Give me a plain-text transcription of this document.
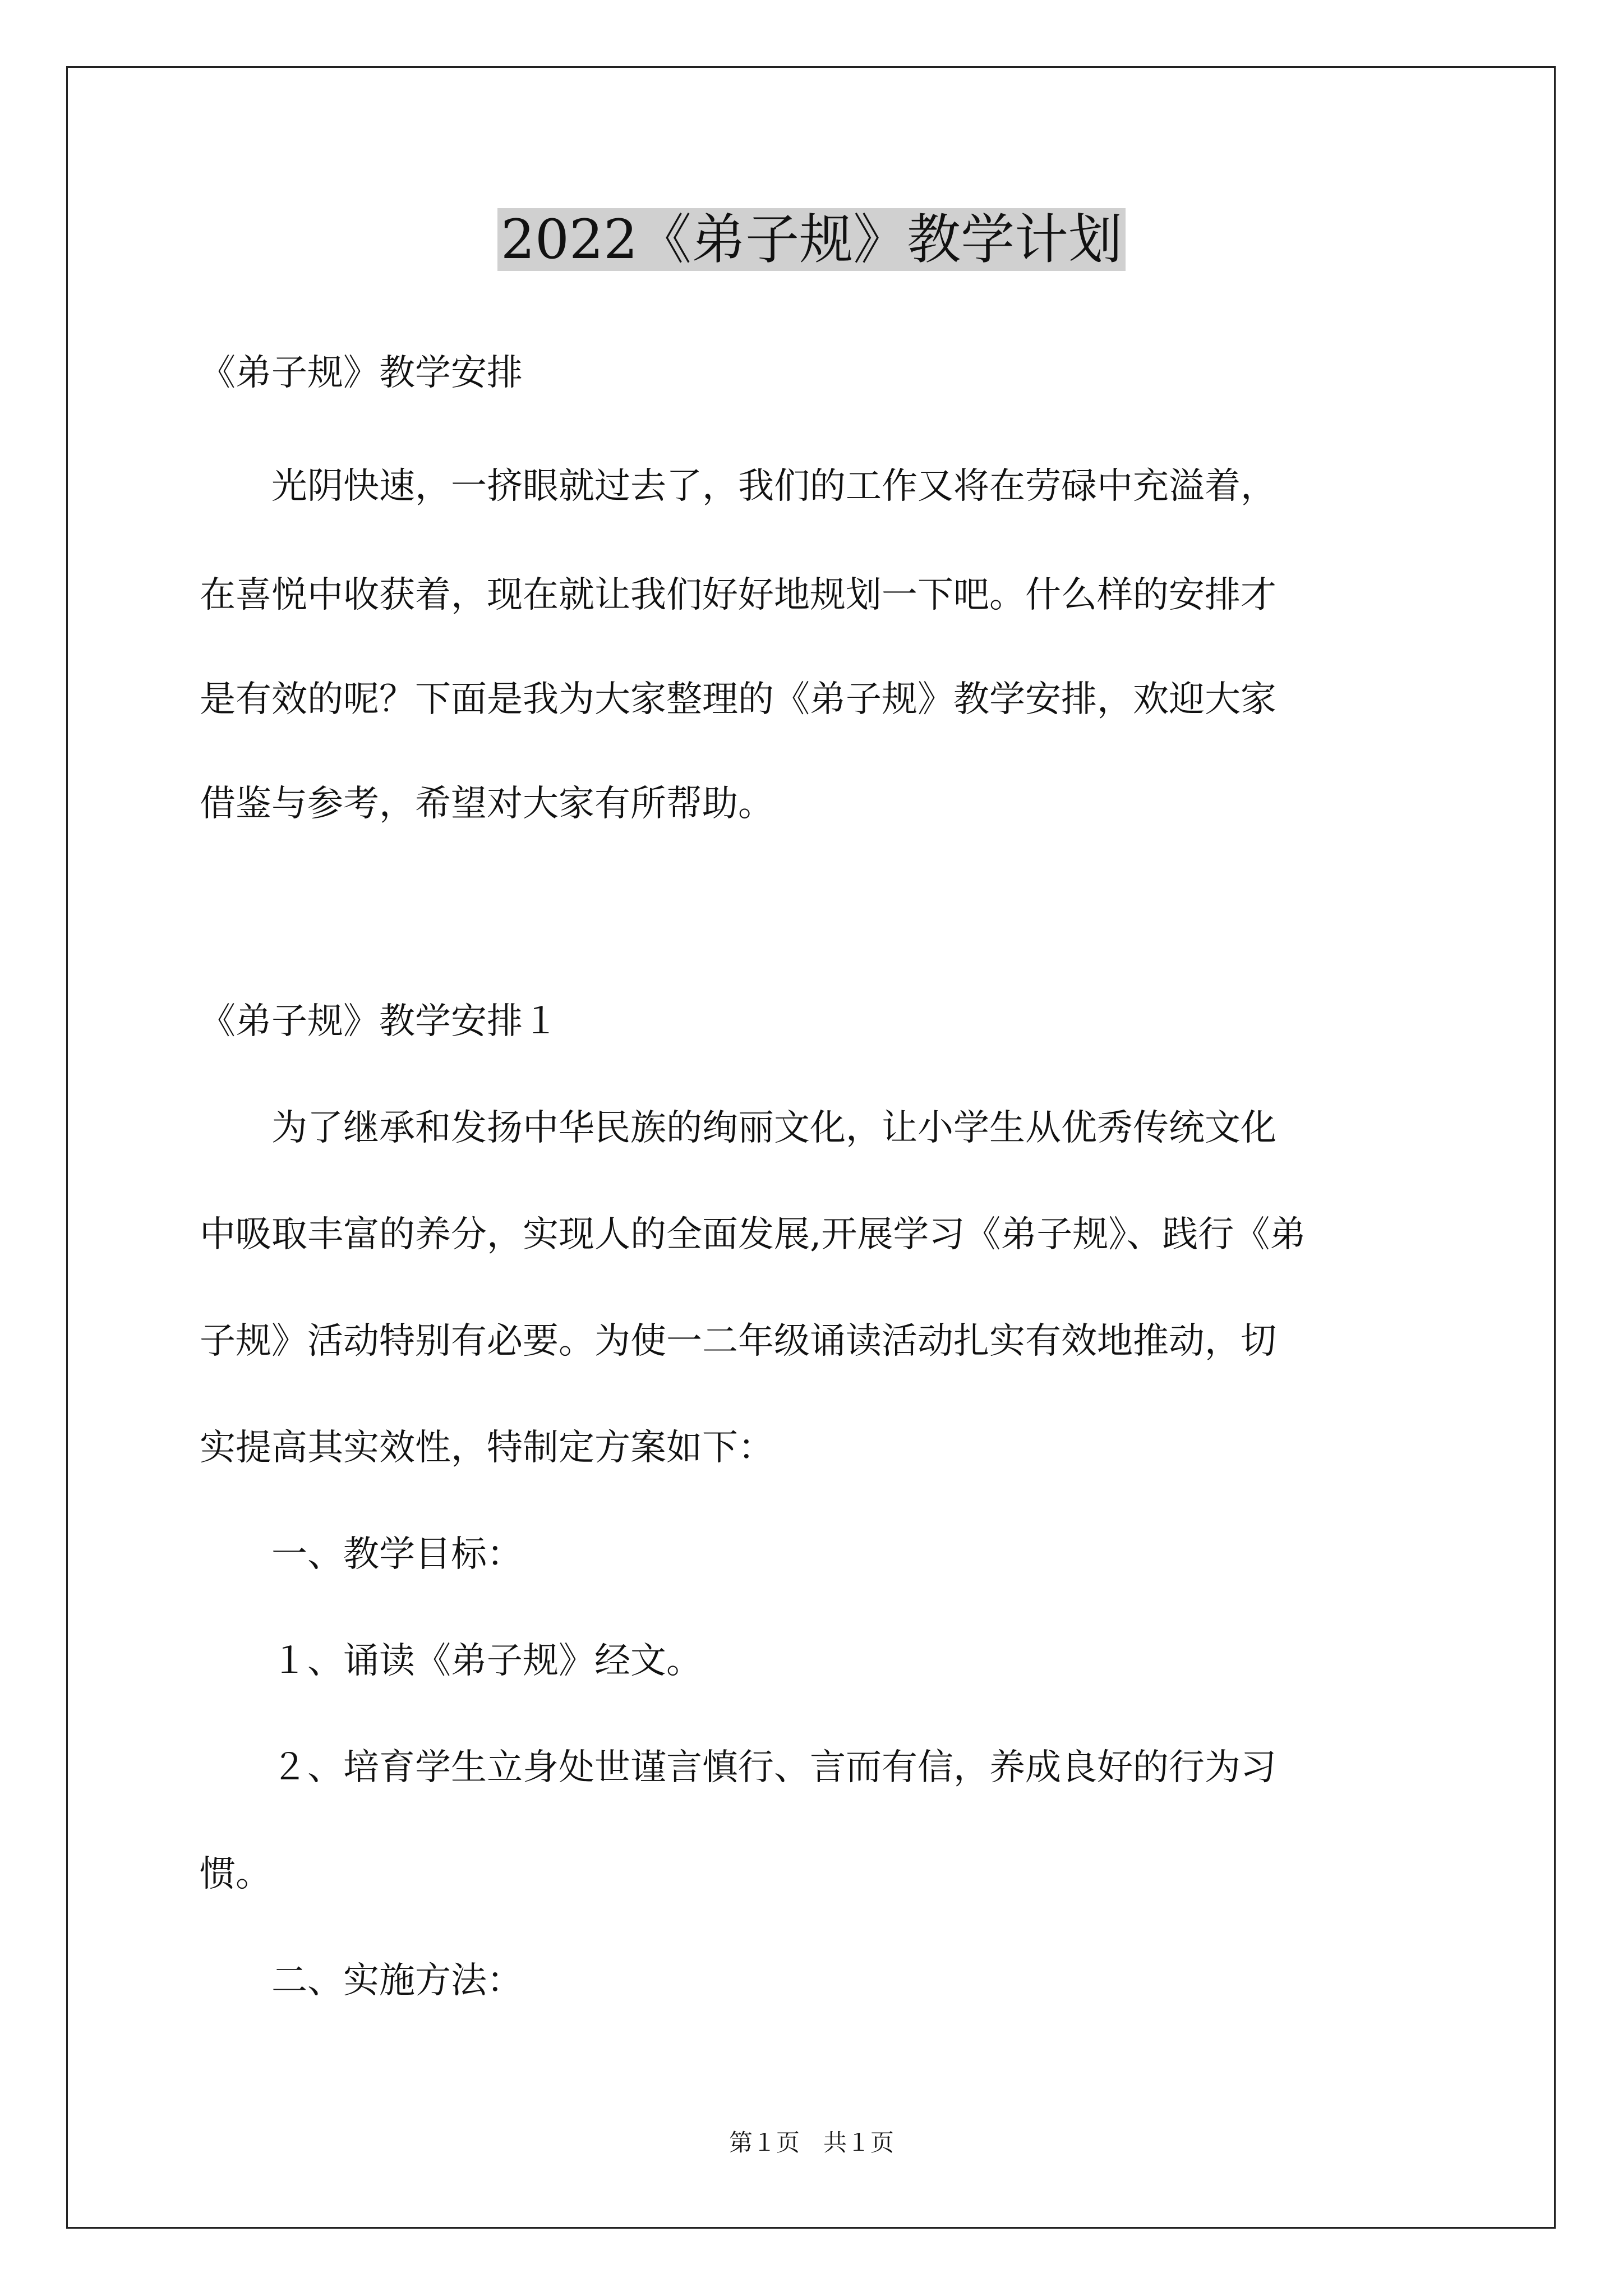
2022《弟子规》教学计划
《弟子规》教学安排
　　光阴快速，一挤眼就过去了，我们的工作又将在劳碌中充溢着，
在喜悦中收获着，现在就让我们好好地规划一下吧。什么样的安排才
是有效的呢？下面是我为大家整理的《弟子规》教学安排，欢迎大家
借鉴与参考，希望对大家有所帮助。
《弟子规》教学安排１
　　为了继承和发扬中华民族的绚丽文化，让小学生从优秀传统文化
中吸取丰富的养分，实现人的全面发展,开展学习《弟子规》、践行《弟
子规》活动特别有必要。为使一二年级诵读活动扎实有效地推动，切
实提高其实效性，特制定方案如下：
　　一、教学目标：
　　１、诵读《弟子规》经文。
　　２、培育学生立身处世谨言慎行、言而有信，养成良好的行为习
惯。
　　二、实施方法：
第１页　共１页
